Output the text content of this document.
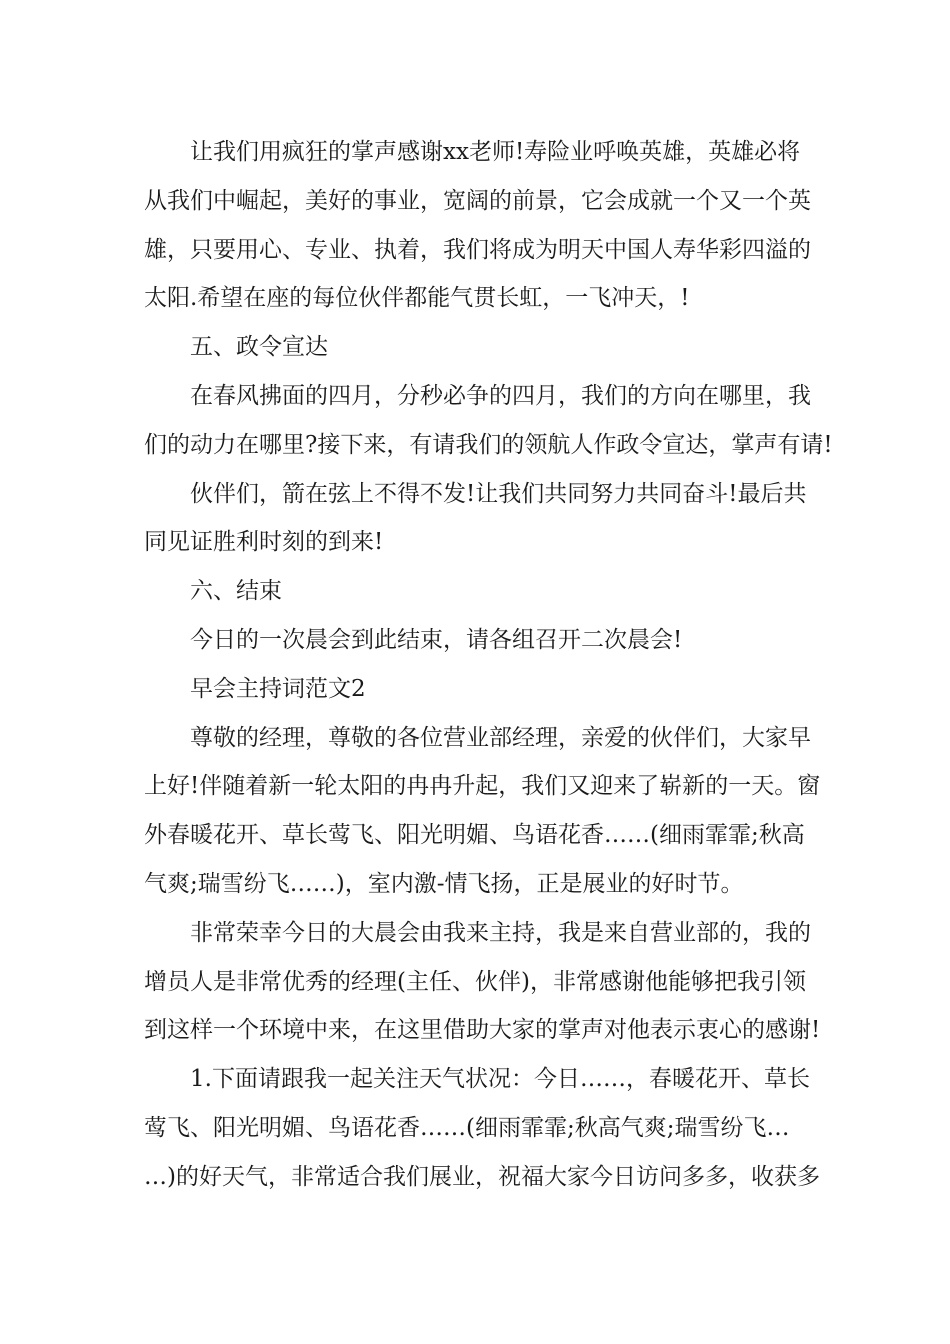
让我们用疯狂的掌声感谢xx老师!寿险业呼唤英雄，英雄必将
从我们中崛起，美好的事业，宽阔的前景，它会成就一个又一个英
雄，只要用心、专业、执着，我们将成为明天中国人寿华彩四溢的
太阳.希望在座的每位伙伴都能气贯长虹，一飞冲天，!
五、政令宣达
在春风拂面的四月，分秒必争的四月，我们的方向在哪里，我
们的动力在哪里?接下来，有请我们的领航人作政令宣达，掌声有请!
伙伴们，箭在弦上不得不发!让我们共同努力共同奋斗!最后共
同见证胜利时刻的到来!
六、结束
今日的一次晨会到此结束，请各组召开二次晨会!
早会主持词范文2
尊敬的经理，尊敬的各位营业部经理，亲爱的伙伴们，大家早
上好!伴随着新一轮太阳的冉冉升起，我们又迎来了崭新的一天。窗
外春暖花开、草长莺飞、阳光明媚、鸟语花香……(细雨霏霏;秋高
气爽;瑞雪纷飞……)，室内激-情飞扬，正是展业的好时节。
非常荣幸今日的大晨会由我来主持，我是来自营业部的，我的
增员人是非常优秀的经理(主任、伙伴)，非常感谢他能够把我引领
到这样一个环境中来，在这里借助大家的掌声对他表示衷心的感谢!
1.下面请跟我一起关注天气状况：今日……，春暖花开、草长
莺飞、阳光明媚、鸟语花香……(细雨霏霏;秋高气爽;瑞雪纷飞…
…)的好天气，非常适合我们展业，祝福大家今日访问多多，收获多
